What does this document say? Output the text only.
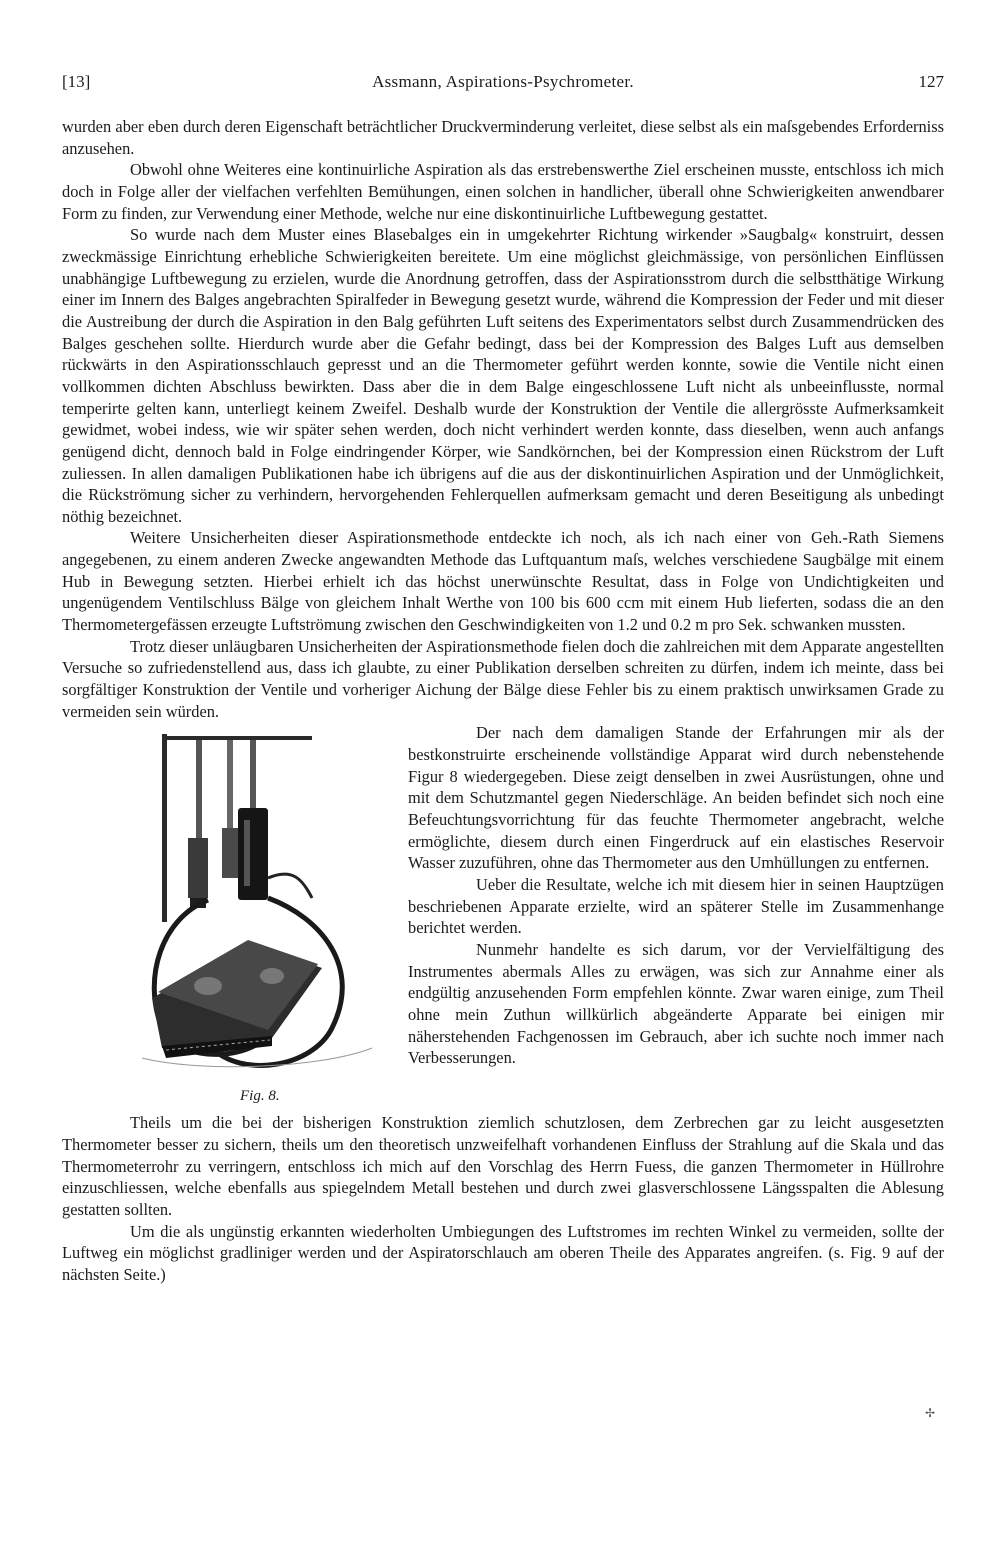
[13]	Assmann, Aspirations-Psychrometer.	127

wurden aber eben durch deren Eigenschaft beträchtlicher Druckverminderung verleitet, diese selbst als ein maſsgebendes Erforderniss anzusehen.

Obwohl ohne Weiteres eine kontinuirliche Aspiration als das erstrebenswerthe Ziel erscheinen musste, entschloss ich mich doch in Folge aller der vielfachen verfehlten Bemühungen, einen solchen in handlicher, überall ohne Schwierigkeiten anwendbarer Form zu finden, zur Verwendung einer Methode, welche nur eine diskontinuirliche Luftbewegung gestattet.

So wurde nach dem Muster eines Blasebalges ein in umgekehrter Richtung wirkender »Saugbalg« konstruirt, dessen zweckmässige Einrichtung erhebliche Schwierigkeiten bereitete. Um eine möglichst gleichmässige, von persönlichen Einflüssen unabhängige Luftbewegung zu erzielen, wurde die Anordnung getroffen, dass der Aspirationsstrom durch die selbstthätige Wirkung einer im Innern des Balges angebrachten Spiralfeder in Bewegung gesetzt wurde, während die Kompression der Feder und mit dieser die Austreibung der durch die Aspiration in den Balg geführten Luft seitens des Experimentators selbst durch Zusammendrücken des Balges geschehen sollte. Hierdurch wurde aber die Gefahr bedingt, dass bei der Kompression des Balges Luft aus demselben rückwärts in den Aspirationsschlauch gepresst und an die Thermometer geführt werden konnte, sowie die Ventile nicht einen vollkommen dichten Abschluss bewirkten. Dass aber die in dem Balge eingeschlossene Luft nicht als unbeeinflusste, normal temperirte gelten kann, unterliegt keinem Zweifel. Deshalb wurde der Konstruktion der Ventile die allergrösste Aufmerksamkeit gewidmet, wobei indess, wie wir später sehen werden, doch nicht verhindert werden konnte, dass dieselben, wenn auch anfangs genügend dicht, dennoch bald in Folge eindringender Körper, wie Sandkörnchen, bei der Kompression einen Rückstrom der Luft zuliessen. In allen damaligen Publikationen habe ich übrigens auf die aus der diskontinuirlichen Aspiration und der Unmöglichkeit, die Rückströmung sicher zu verhindern, hervorgehenden Fehlerquellen aufmerksam gemacht und deren Beseitigung als unbedingt nöthig bezeichnet.

Weitere Unsicherheiten dieser Aspirationsmethode entdeckte ich noch, als ich nach einer von Geh.-Rath Siemens angegebenen, zu einem anderen Zwecke angewandten Methode das Luftquantum maſs, welches verschiedene Saugbälge mit einem Hub in Bewegung setzten. Hierbei erhielt ich das höchst unerwünschte Resultat, dass in Folge von Undichtigkeiten und ungenügendem Ventilschluss Bälge von gleichem Inhalt Werthe von 100 bis 600 ccm mit einem Hub lieferten, sodass die an den Thermometergefässen erzeugte Luftströmung zwischen den Geschwindigkeiten von 1.2 und 0.2 m pro Sek. schwanken mussten.

Trotz dieser unläugbaren Unsicherheiten der Aspirationsmethode fielen doch die zahlreichen mit dem Apparate angestellten Versuche so zufriedenstellend aus, dass ich glaubte, zu einer Publikation derselben schreiten zu dürfen, indem ich meinte, dass bei sorgfältiger Konstruktion der Ventile und vorheriger Aichung der Bälge diese Fehler bis zu einem praktisch unwirksamen Grade zu vermeiden sein würden.

Fig. 8.

Der nach dem damaligen Stande der Erfahrungen mir als der bestkonstruirte erscheinende vollständige Apparat wird durch nebenstehende Figur 8 wiedergegeben. Diese zeigt denselben in zwei Ausrüstungen, ohne und mit dem Schutzmantel gegen Niederschläge. An beiden befindet sich noch eine Befeuchtungsvorrichtung für das feuchte Thermometer angebracht, welche ermöglichte, diesem durch einen Fingerdruck auf ein elastisches Reservoir Wasser zuzuführen, ohne das Thermometer aus den Umhüllungen zu entfernen.

Ueber die Resultate, welche ich mit diesem hier in seinen Hauptzügen beschriebenen Apparate erzielte, wird an späterer Stelle im Zusammenhange berichtet werden.

Nunmehr handelte es sich darum, vor der Vervielfältigung des Instrumentes abermals Alles zu erwägen, was sich zur Annahme einer als endgültig anzusehenden Form empfehlen könnte. Zwar waren einige, zum Theil ohne mein Zuthun willkürlich abgeänderte Apparate bei einigen mir näherstehenden Fachgenossen im Gebrauch, aber ich suchte noch immer nach Verbesserungen.

Theils um die bei der bisherigen Konstruktion ziemlich schutzlosen, dem Zerbrechen gar zu leicht ausgesetzten Thermometer besser zu sichern, theils um den theoretisch unzweifelhaft vorhandenen Einfluss der Strahlung auf die Skala und das Thermometerrohr zu verringern, entschloss ich mich auf den Vorschlag des Herrn Fuess, die ganzen Thermometer in Hüllrohre einzuschliessen, welche ebenfalls aus spiegelndem Metall bestehen und durch zwei glasverschlossene Längsspalten die Ablesung gestatten sollten.

Um die als ungünstig erkannten wiederholten Umbiegungen des Luftstromes im rechten Winkel zu vermeiden, sollte der Luftweg ein möglichst gradliniger werden und der Aspiratorschlauch am oberen Theile des Apparates angreifen. (s. Fig. 9 auf der nächsten Seite.)

✢
